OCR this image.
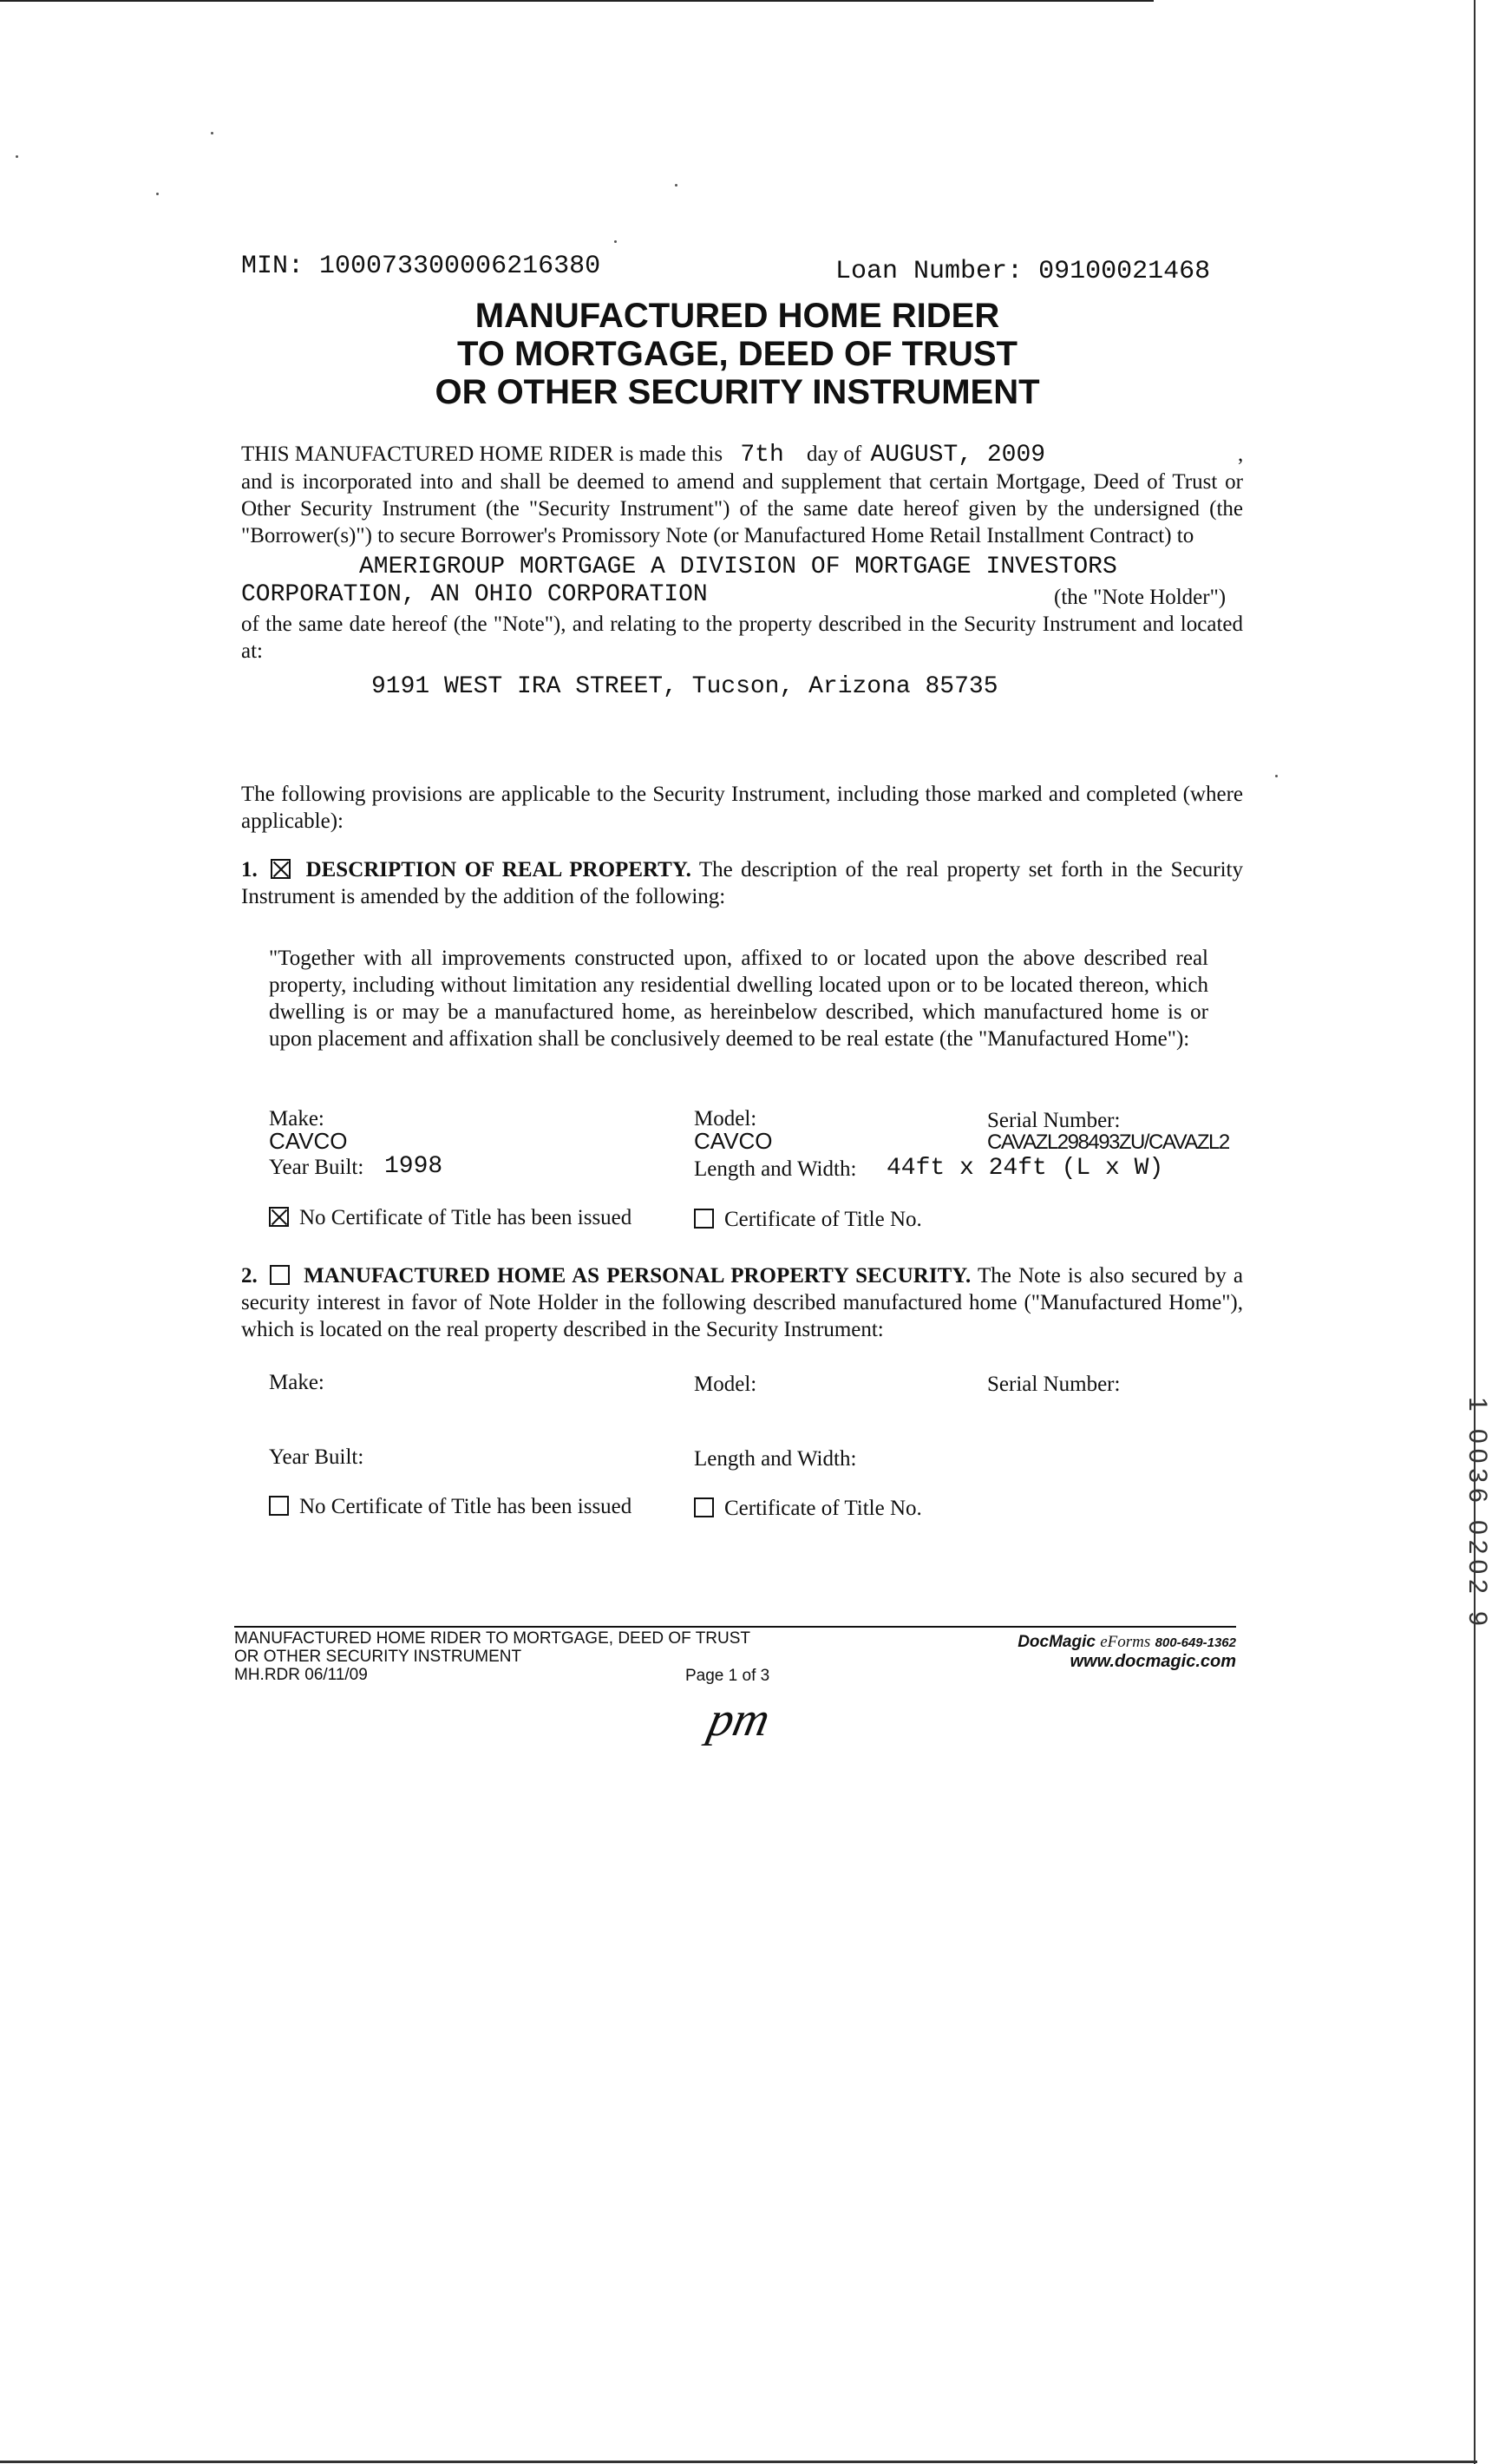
MIN: 100073300006216380	Loan Number: 0910002146​8
MANUFACTURED HOME RIDER
TO MORTGAGE, DEED OF TRUST
OR OTHER SECURITY INSTRUMENT
THIS MANUFACTURED HOME RIDER is made this 7th day of AUGUST, 2009	,
and is incorporated into and shall be deemed to amend and supplement that certain Mortgage, Deed of Trust or Other Security Instrument (the "Security Instrument") of the same date hereof given by the undersigned (the "Borrower(s)") to secure Borrower's Promissory Note (or Manufactured Home Retail Installment Contract) to
AMERIGROUP MORTGAGE A DIVISION OF MORTGAGE INVESTORS
CORPORATION, AN OHIO CORPORATION	(the "Note Holder")
of the same date hereof (the "Note"), and relating to the property described in the Security Instrument and located at:
9191 WEST IRA STREET, Tucson, Arizona 85735
The following provisions are applicable to the Security Instrument, including those marked and completed (where applicable):
1. DESCRIPTION OF REAL PROPERTY. The description of the real property set forth in the Security Instrument is amended by the addition of the following:
"Together with all improvements constructed upon, affixed to or located upon the above described real property, including without limitation any residential dwelling located upon or to be located thereon, which dwelling is or may be a manufactured home, as hereinbelow described, which manufactured home is or upon placement and affixation shall be conclusively deemed to be real estate (the "Manufactured Home"):
Make:
CAVCO
Model:
CAVCO
Serial Number:
CAVAZL298493ZU/CAVAZL2
Year Built: 1998	Length and Width: 44ft x 24ft (L x W)
No Certificate of Title has been issued	Certificate of Title No.
2. MANUFACTURED HOME AS PERSONAL PROPERTY SECURITY. The Note is also secured by a security interest in favor of Note Holder in the following described manufactured home ("Manufactured Home"), which is located on the real property described in the Security Instrument:
Make:	Model:	Serial Number:
Year Built:	Length and Width:
No Certificate of Title has been issued	Certificate of Title No.	1 0036 0202 9
MANUFACTURED HOME RIDER TO MORTGAGE, DEED OF TRUST
OR OTHER SECURITY INSTRUMENT
MH.RDR 06/11/09	Page 1 of 3
DocMagic eForms 800-649-1362
www.docmagic.com
pm
